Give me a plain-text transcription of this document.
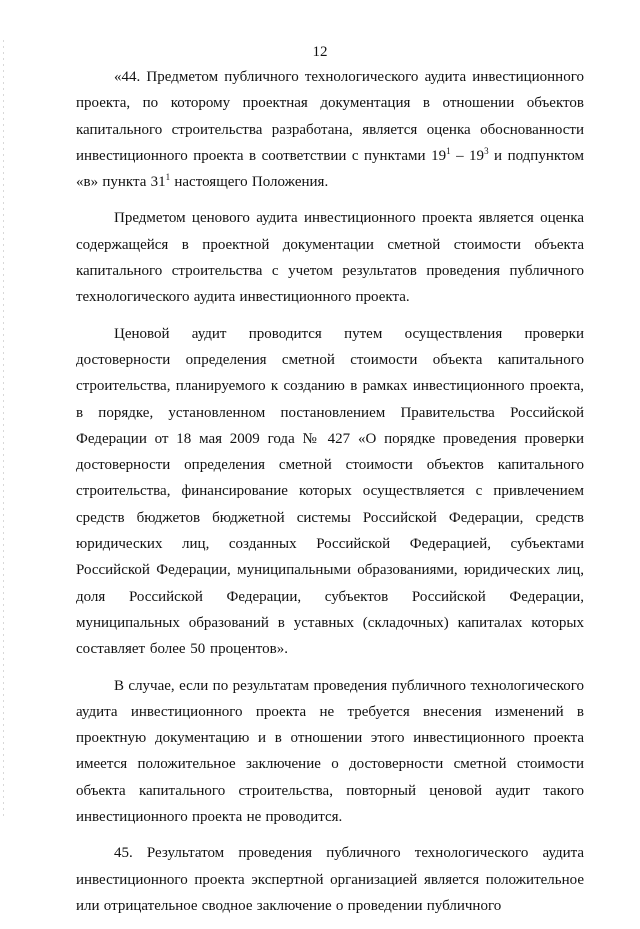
12

«44. Предметом публичного технологического аудита инвестиционного проекта, по которому проектная документация в отношении объектов капитального строительства разработана, является оценка обоснованности инвестиционного проекта в соответствии с пунктами $19^1 - 19^3$ и подпунктом «в» пункта $31^1$ настоящего Положения.

Предметом ценового аудита инвестиционного проекта является оценка содержащейся в проектной документации сметной стоимости объекта капитального строительства с учетом результатов проведения публичного технологического аудита инвестиционного проекта.

Ценовой аудит проводится путем осуществления проверки достоверности определения сметной стоимости объекта капитального строительства, планируемого к созданию в рамках инвестиционного проекта, в порядке, установленном постановлением Правительства Российской Федерации от 18 мая 2009 года № 427 «О порядке проведения проверки достоверности определения сметной стоимости объектов капитального строительства, финансирование которых осуществляется с привлечением средств бюджетов бюджетной системы Российской Федерации, средств юридических лиц, созданных Российской Федерацией, субъектами Российской Федерации, муниципальными образованиями, юридических лиц, доля Российской Федерации, субъектов Российской Федерации, муниципальных образований в уставных (складочных) капиталах которых составляет более 50 процентов».

В случае, если по результатам проведения публичного технологического аудита инвестиционного проекта не требуется внесения изменений в проектную документацию и в отношении этого инвестиционного проекта имеется положительное заключение о достоверности сметной стоимости объекта капитального строительства, повторный ценовой аудит такого инвестиционного проекта не проводится.

45. Результатом проведения публичного технологического аудита инвестиционного проекта экспертной организацией является положительное или отрицательное сводное заключение о проведении публичного
